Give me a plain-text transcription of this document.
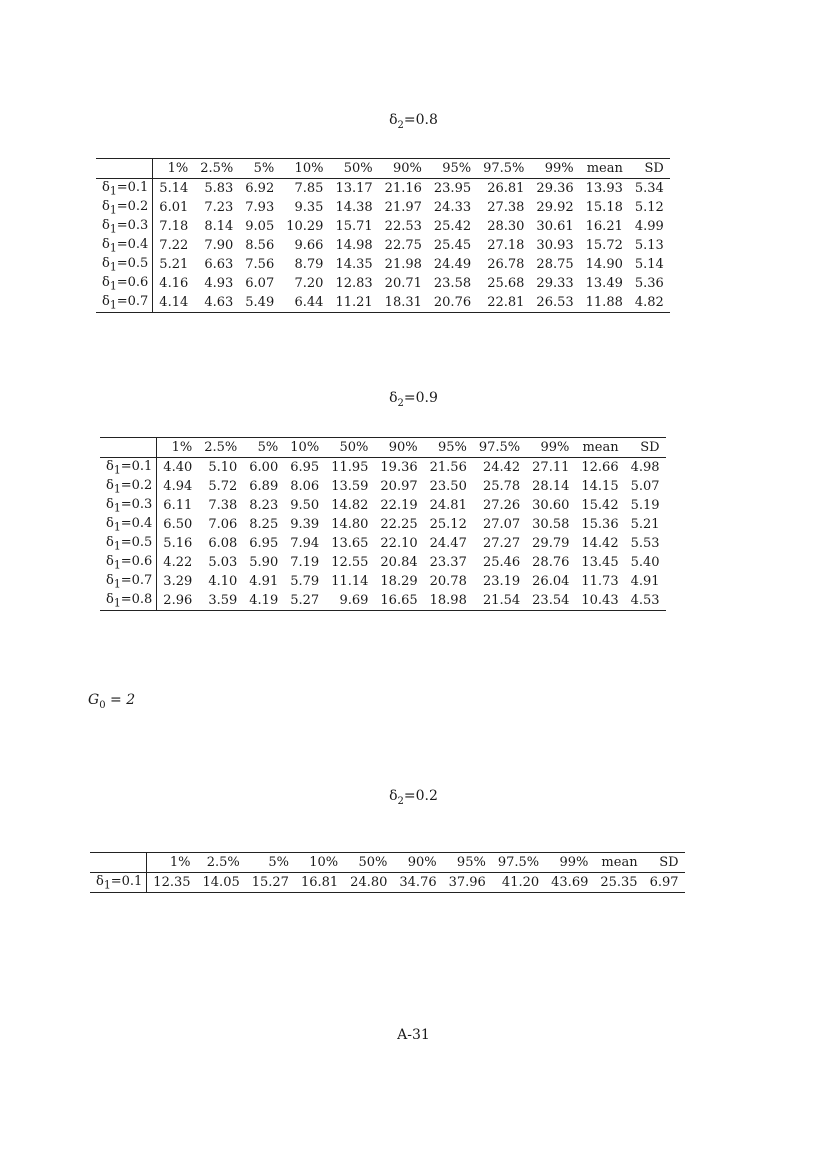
$\delta_2=0.8$
	1%	2.5%	5%	10%	50%	90%	95%	97.5%	99%	mean	SD
$\delta_1=0.1$	5.14	5.83	6.92	7.85	13.17	21.16	23.95	26.81	29.36	13.93	5.34
$\delta_1=0.2$	6.01	7.23	7.93	9.35	14.38	21.97	24.33	27.38	29.92	15.18	5.12
$\delta_1=0.3$	7.18	8.14	9.05	10.29	15.71	22.53	25.42	28.30	30.61	16.21	4.99
$\delta_1=0.4$	7.22	7.90	8.56	9.66	14.98	22.75	25.45	27.18	30.93	15.72	5.13
$\delta_1=0.5$	5.21	6.63	7.56	8.79	14.35	21.98	24.49	26.78	28.75	14.90	5.14
$\delta_1=0.6$	4.16	4.93	6.07	7.20	12.83	20.71	23.58	25.68	29.33	13.49	5.36
$\delta_1=0.7$	4.14	4.63	5.49	6.44	11.21	18.31	20.76	22.81	26.53	11.88	4.82
$\delta_2=0.9$
	1%	2.5%	5%	10%	50%	90%	95%	97.5%	99%	mean	SD
$\delta_1=0.1$	4.40	5.10	6.00	6.95	11.95	19.36	21.56	24.42	27.11	12.66	4.98
$\delta_1=0.2$	4.94	5.72	6.89	8.06	13.59	20.97	23.50	25.78	28.14	14.15	5.07
$\delta_1=0.3$	6.11	7.38	8.23	9.50	14.82	22.19	24.81	27.26	30.60	15.42	5.19
$\delta_1=0.4$	6.50	7.06	8.25	9.39	14.80	22.25	25.12	27.07	30.58	15.36	5.21
$\delta_1=0.5$	5.16	6.08	6.95	7.94	13.65	22.10	24.47	27.27	29.79	14.42	5.53
$\delta_1=0.6$	4.22	5.03	5.90	7.19	12.55	20.84	23.37	25.46	28.76	13.45	5.40
$\delta_1=0.7$	3.29	4.10	4.91	5.79	11.14	18.29	20.78	23.19	26.04	11.73	4.91
$\delta_1=0.8$	2.96	3.59	4.19	5.27	9.69	16.65	18.98	21.54	23.54	10.43	4.53
$G_0 = 2$
$\delta_2=0.2$
	1%	2.5%	5%	10%	50%	90%	95%	97.5%	99%	mean	SD
$\delta_1=0.1$	12.35	14.05	15.27	16.81	24.80	34.76	37.96	41.20	43.69	25.35	6.97
A-31
